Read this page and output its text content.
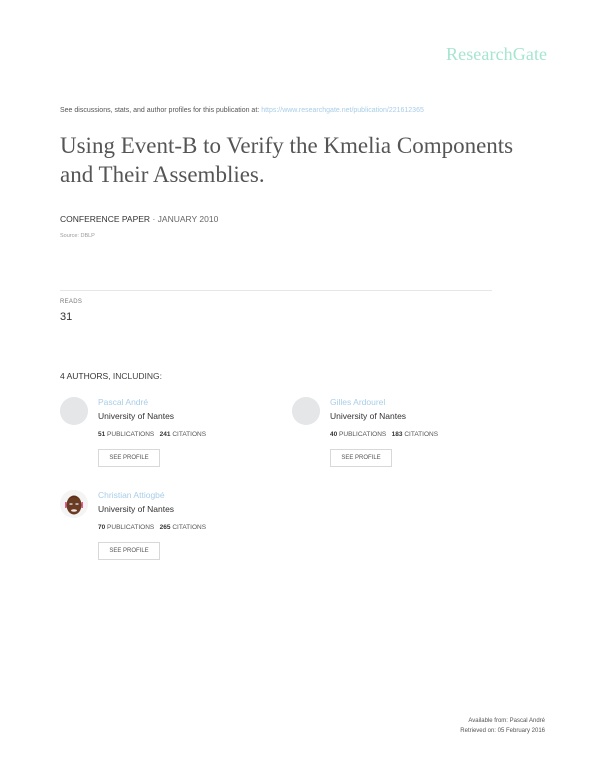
ResearchGate
See discussions, stats, and author profiles for this publication at: https://www.researchgate.net/publication/221612365
Using Event-B to Verify the Kmelia Components and Their Assemblies.
CONFERENCE PAPER · JANUARY 2010
Source: DBLP
READS
31
4 AUTHORS, INCLUDING:
Pascal André
University of Nantes
51 PUBLICATIONS 241 CITATIONS
SEE PROFILE
Gilles Ardourel
University of Nantes
40 PUBLICATIONS 183 CITATIONS
SEE PROFILE
Christian Attiogbé
University of Nantes
70 PUBLICATIONS 265 CITATIONS
SEE PROFILE
Available from: Pascal André
Retrieved on: 05 February 2016
